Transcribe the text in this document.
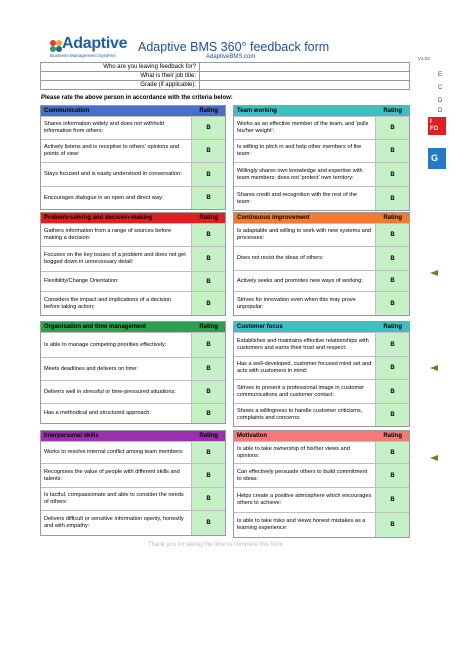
Adaptive
Business Management Systems
Adaptive BMS 360° feedback form
AdaptiveBMS.com	V1.03
Who are you leaving feedback for?	
What is their job title:	
Grade (if applicable):	
Please rate the above person in accordance with the criteria below:
Communication	Rating
Shares information widely and does not withhold information from others:	B
Actively listens and is receptive to others' opinions and points of view:	B
Stays focused and is easily understood in conversation:	B
Encourages dialogue in an open and direct way:	B
Team working	Rating
Works as an effective member of the team, and 'pulls his/her weight':	B
Is willing to pitch in and help other members of the team:	B
Willingly shares own knowledge and expertise with team members; does not 'protect' own territory:	B
Shares credit and recognition with the rest of the team:	B
Problem-solving and decision-making	Rating
Gathers information from a range of sources before making a decision:	B
Focuses on the key issues of a problem and does not get bogged down in unnecessary detail:	B
Flexibility/Change Orientation:	B
Considers the impact and implications of a decision before taking action:	B
Continuous improvement	Rating
Is adaptable and willing to work with new systems and processes:	B
Does not resist the ideas of others:	B
Actively seeks and promotes new ways of working:	B
Strives for innovation even when this may prove unpopular:	B
Organisation and time management	Rating
Is able to manage competing priorities effectively:	B
Meets deadlines and delivers on time:	B
Delivers well in stressful or time-pressured situations:	B
Has a methodical and structured approach:	B
Customer focus	Rating
Establishes and maintains effective relationships with customers and earns their trust and respect:	B
Has a well-developed, customer focused mind set and acts with customers in mind:	B
Strives to present a professional image in customer communications and customer contact:	B
Shows a willingness to handle customer criticisms, complaints and concerns:	B
Interpersonal skills	Rating
Works to resolve internal conflict among team members:	B
Recognises the value of people with different skills and talents:	B
Is tactful, compassionate and able to consider the needs of others:	B
Delivers difficult or sensitive information openly, honestly and with empathy:	B
Motivation	Rating
Is able to take ownership of his/her views and opinions:	B
Can effectively persuade others to build commitment to ideas:	B
Helps create a positive atmosphere which encourages others to achieve:	B
Is able to take risks and views honest mistakes as a learning experience:	B
Thank you for taking the time to complete this form
E
C
D
D
I
FO
G
